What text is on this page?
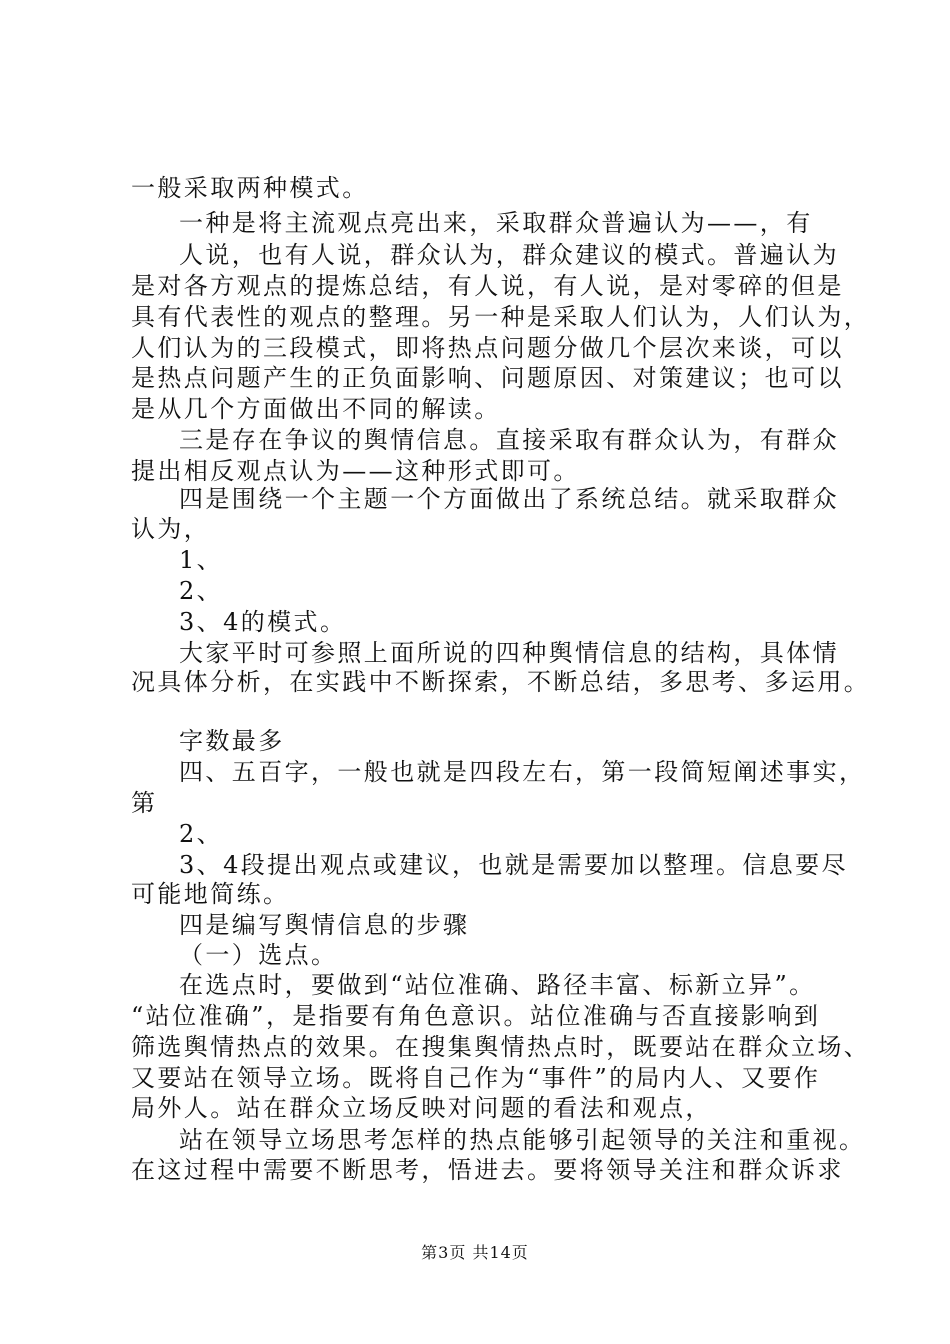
一般采取两种模式。
一种是将主流观点亮出来，采取群众普遍认为——，有
人说，也有人说，群众认为，群众建议的模式。普遍认为
是对各方观点的提炼总结，有人说，有人说，是对零碎的但是
具有代表性的观点的整理。另一种是采取人们认为，人们认为，
人们认为的三段模式，即将热点问题分做几个层次来谈，可以
是热点问题产生的正负面影响、问题原因、对策建议；也可以
是从几个方面做出不同的解读。
三是存在争议的舆情信息。直接采取有群众认为，有群众
提出相反观点认为——这种形式即可。
四是围绕一个主题一个方面做出了系统总结。就采取群众
认为，
1、
2、
3、4的模式。
大家平时可参照上面所说的四种舆情信息的结构，具体情
况具体分析，在实践中不断探索，不断总结，多思考、多运用。
字数最多
四、五百字，一般也就是四段左右，第一段简短阐述事实，
第
2、
3、4段提出观点或建议，也就是需要加以整理。信息要尽
可能地简练。
四是编写舆情信息的步骤
（一）选点。
在选点时，要做到“站位准确、路径丰富、标新立异”。
“站位准确”，是指要有角色意识。站位准确与否直接影响到
筛选舆情热点的效果。在搜集舆情热点时，既要站在群众立场、
又要站在领导立场。既将自己作为“事件”的局内人、又要作
局外人。站在群众立场反映对问题的看法和观点，
站在领导立场思考怎样的热点能够引起领导的关注和重视。
在这过程中需要不断思考，悟进去。要将领导关注和群众诉求
第3页 共14页
